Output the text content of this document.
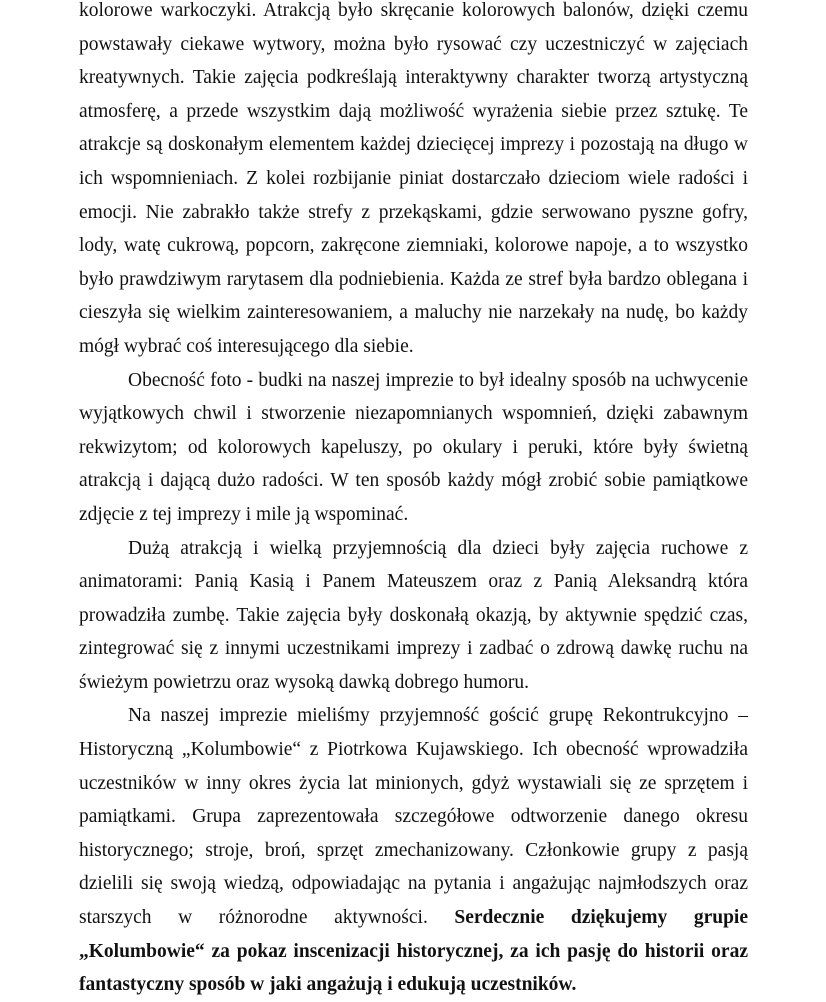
kolorowe warkoczyki. Atrakcją było skręcanie kolorowych balonów, dzięki czemu powstawały ciekawe wytwory, można było rysować czy uczestniczyć w zajęciach kreatywnych. Takie zajęcia podkreślają interaktywny charakter tworzą artystyczną atmosferę, a przede wszystkim dają możliwość wyrażenia siebie przez sztukę. Te atrakcje są doskonałym elementem każdej dziecięcej imprezy i pozostają na długo w ich wspomnieniach. Z kolei rozbijanie piniat dostarczało dzieciom wiele radości i emocji. Nie zabrakło także strefy z przekąskami, gdzie serwowano pyszne gofry, lody, watę cukrową, popcorn, zakręcone ziemniaki, kolorowe napoje, a to wszystko było prawdziwym rarytasem dla podniebienia. Każda ze stref była bardzo oblegana i cieszyła się wielkim zainteresowaniem, a maluchy nie narzekały na nudę, bo każdy mógł wybrać coś interesującego dla siebie.

Obecność foto - budki na naszej imprezie to był idealny sposób na uchwycenie wyjątkowych chwil i stworzenie niezapomnianych wspomnień, dzięki zabawnym rekwizytom; od kolorowych kapeluszy, po okulary i peruki, które były świetną atrakcją i dającą dużo radości. W ten sposób każdy mógł zrobić sobie pamiątkowe zdjęcie z tej imprezy i mile ją wspominać.

Dużą atrakcją i wielką przyjemnością dla dzieci były zajęcia ruchowe z animatorami: Panią Kasią i Panem Mateuszem oraz z Panią Aleksandrą która prowadziła zumbę. Takie zajęcia były doskonałą okazją, by aktywnie spędzić czas, zintegrować się z innymi uczestnikami imprezy i zadbać o zdrową dawkę ruchu na świeżym powietrzu oraz wysoką dawką dobrego humoru.

Na naszej imprezie mieliśmy przyjemność gościć grupę Rekontrukcyjno – Historyczną „Kolumbowie“ z Piotrkowa Kujawskiego. Ich obecność wprowadziła uczestników w inny okres życia lat minionych, gdyż wystawiali się ze sprzętem i pamiątkami. Grupa zaprezentowała szczegółowe odtworzenie danego okresu historycznego; stroje, broń, sprzęt zmechanizowany. Członkowie grupy z pasją dzielili się swoją wiedzą, odpowiadając na pytania i angażując najmłodszych oraz starszych w różnorodne aktywności. Serdecznie dziękujemy grupie „Kolumbowie“ za pokaz inscenizacji historycznej, za ich pasję do historii oraz fantastyczny sposób w jaki angażują i edukują uczestników.
